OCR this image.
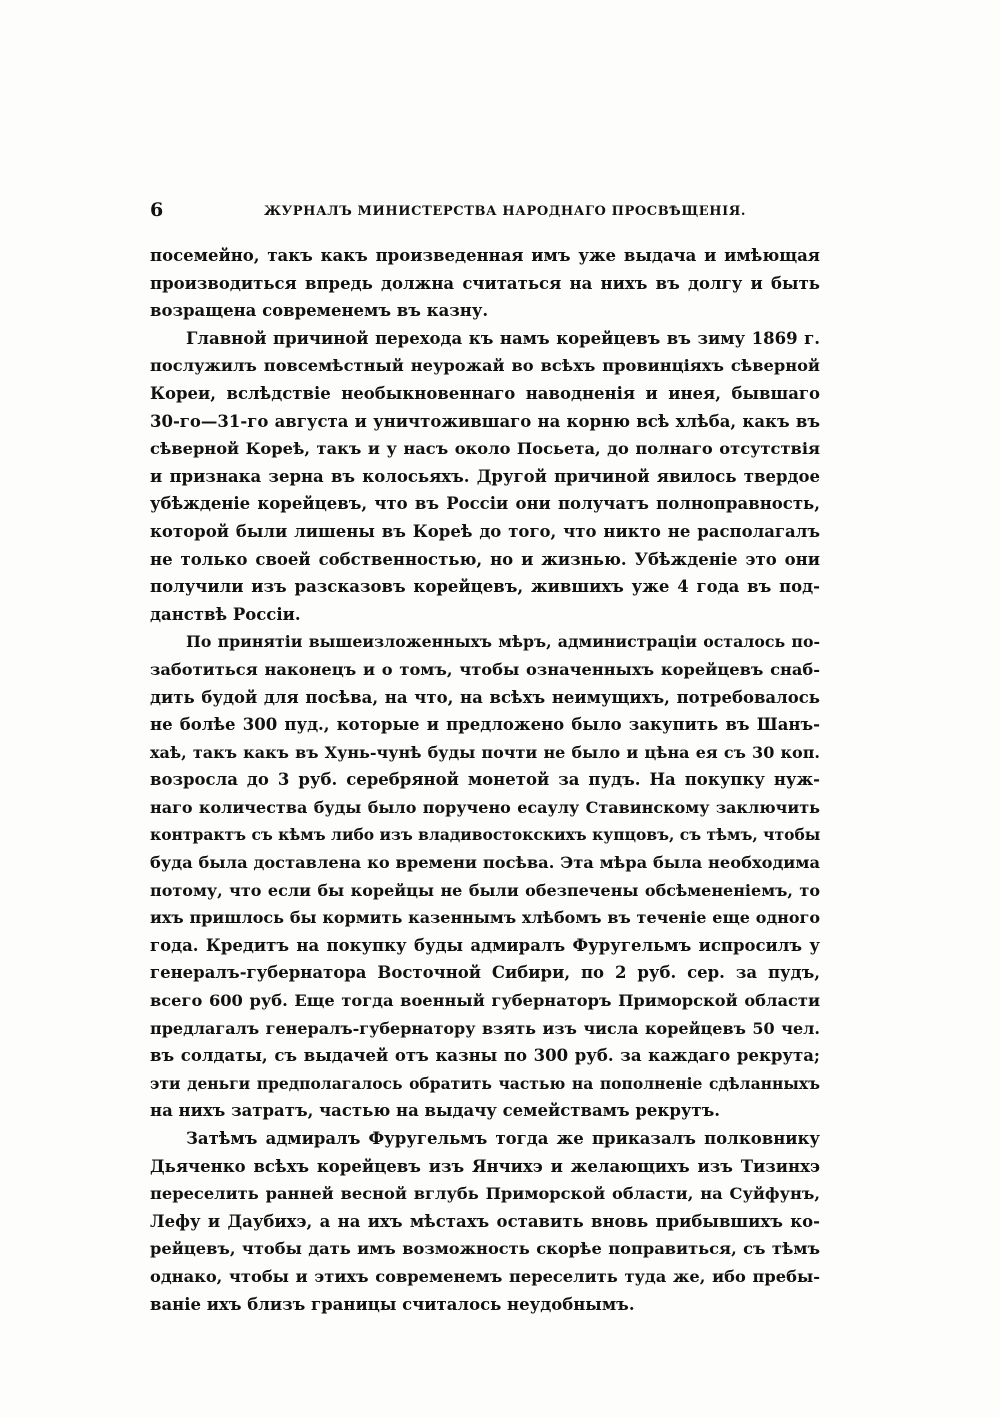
6	ЖУРНАЛЪ МИНИСТЕРСТВА НАРОДНАГО ПРОСВѢЩЕНІЯ.
посемейно, такъ какъ произведенная имъ уже выдача и имѣющая
производиться впредь должна считаться на нихъ въ долгу и быть
возращена современемъ въ казну.
Главной причиной перехода къ намъ корейцевъ въ зиму 1869 г.
послужилъ повсемѣстный неурожай во всѣхъ провинціяхъ сѣверной
Кореи, вслѣдствіе необыкновеннаго наводненія и инея, бывшаго
30-го—31-го августа и уничтожившаго на корню всѣ хлѣба, какъ въ
сѣверной Кореѣ, такъ и у насъ около Посьета, до полнаго отсутствія
и признака зерна въ колосьяхъ. Другой причиной явилось твердое
убѣжденіе корейцевъ, что въ Россіи они получатъ полноправность,
которой были лишены въ Кореѣ до того, что никто не располагалъ
не только своей собственностью, но и жизнью. Убѣжденіе это они
получили изъ разсказовъ корейцевъ, жившихъ уже 4 года въ под-
данствѣ Россіи.
По принятіи вышеизложенныхъ мѣръ, администраціи осталось по-
заботиться наконецъ и о томъ, чтобы означенныхъ корейцевъ снаб-
дить будой для посѣва, на что, на всѣхъ неимущихъ, потребовалось
не болѣе 300 пуд., которые и предложено было закупить въ Шанъ-
хаѣ, такъ какъ въ Хунь-чунѣ буды почти не было и цѣна ея съ 30 коп.
возросла до 3 руб. серебряной монетой за пудъ. На покупку нуж-
наго количества буды было поручено есаулу Ставинскому заключить
контрактъ съ кѣмъ либо изъ владивостокскихъ купцовъ, съ тѣмъ, чтобы
буда была доставлена ко времени посѣва. Эта мѣра была необходима
потому, что если бы корейцы не были обезпечены обсѣмененіемъ, то
ихъ пришлось бы кормить казеннымъ хлѣбомъ въ теченіе еще одного
года. Кредитъ на покупку буды адмиралъ Фуругельмъ испросилъ у
генералъ-губернатора Восточной Сибири, по 2 руб. сер. за пудъ,
всего 600 руб. Еще тогда военный губернаторъ Приморской области
предлагалъ генералъ-губернатору взять изъ числа корейцевъ 50 чел.
въ солдаты, съ выдачей отъ казны по 300 руб. за каждаго рекрута;
эти деньги предполагалось обратить частью на пополненіе сдѣланныхъ
на нихъ затратъ, частью на выдачу семействамъ рекрутъ.
Затѣмъ адмиралъ Фуругельмъ тогда же приказалъ полковнику
Дьяченко всѣхъ корейцевъ изъ Янчихэ и желающихъ изъ Тизинхэ
переселить ранней весной вглубь Приморской области, на Суйфунъ,
Лефу и Даубихэ, а на ихъ мѣстахъ оставить вновь прибывшихъ ко-
рейцевъ, чтобы дать имъ возможность скорѣе поправиться, съ тѣмъ
однако, чтобы и этихъ современемъ переселить туда же, ибо пребы-
ваніе ихъ близъ границы считалось неудобнымъ.
